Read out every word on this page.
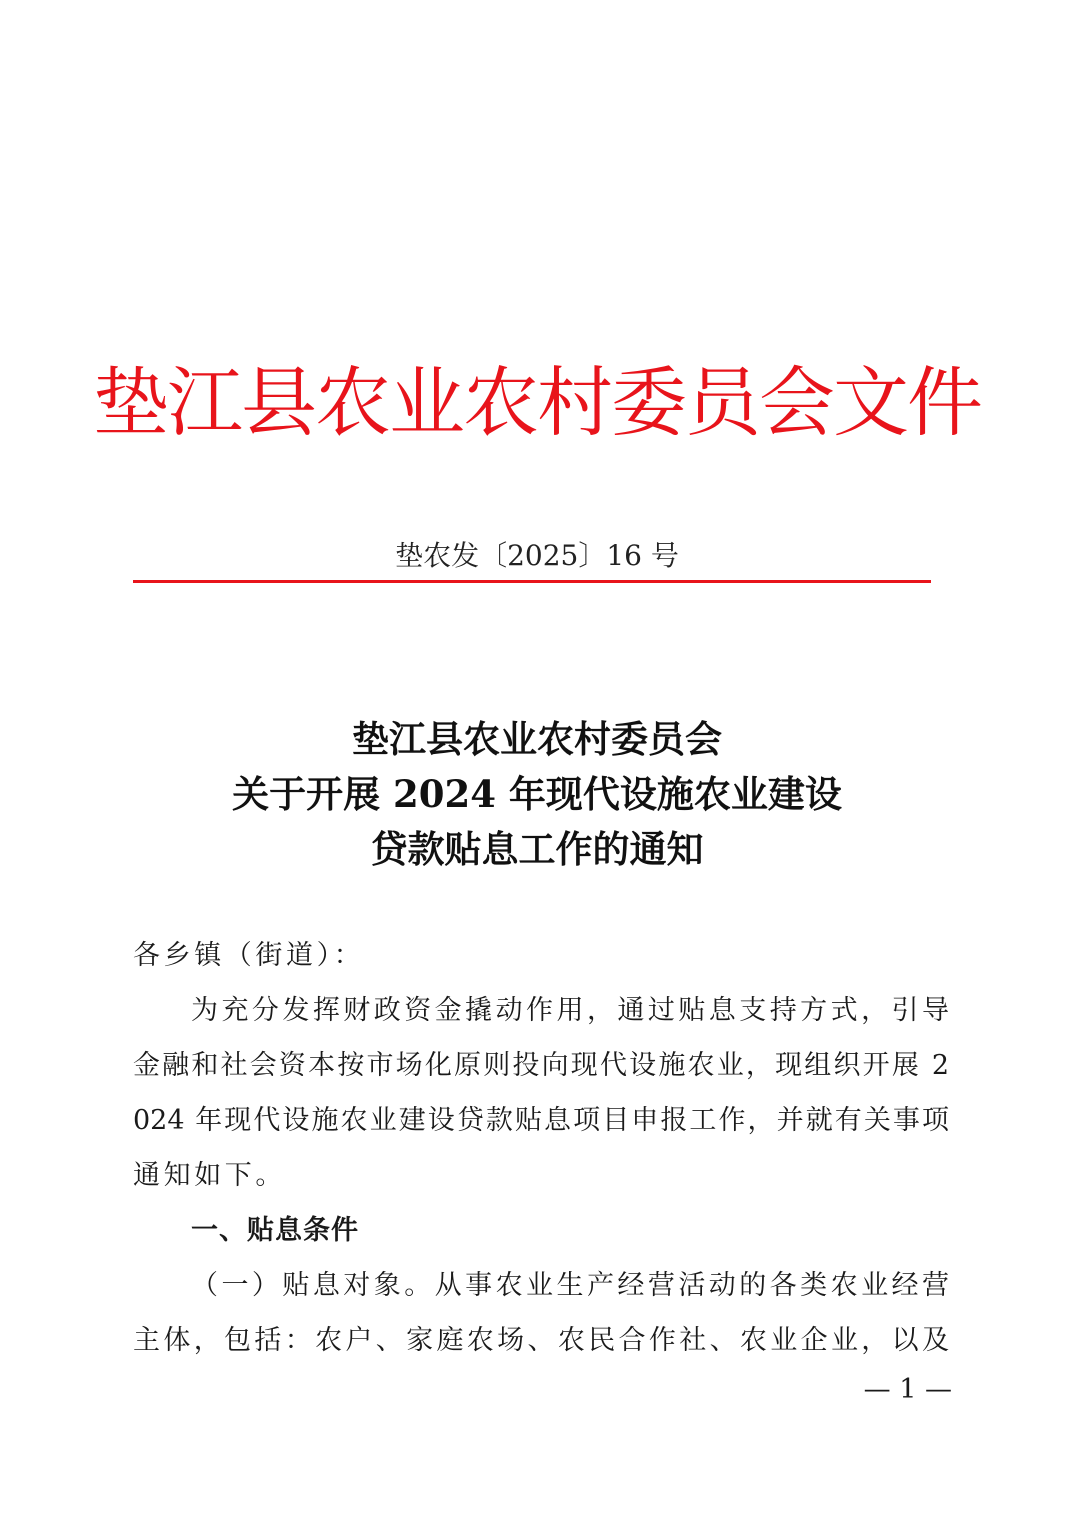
垫江县农业农村委员会文件
垫农发〔2025〕16 号
垫江县农业农村委员会
关于开展 2024 年现代设施农业建设
贷款贴息工作的通知
各乡镇（街道）：
为充分发挥财政资金撬动作用，通过贴息支持方式，引导
金融和社会资本按市场化原则投向现代设施农业，现组织开展 2
024 年现代设施农业建设贷款贴息项目申报工作，并就有关事项
通知如下。
一、贴息条件
（一）贴息对象。从事农业生产经营活动的各类农业经营
主体，包括：农户、家庭农场、农民合作社、农业企业，以及
— 1 —
